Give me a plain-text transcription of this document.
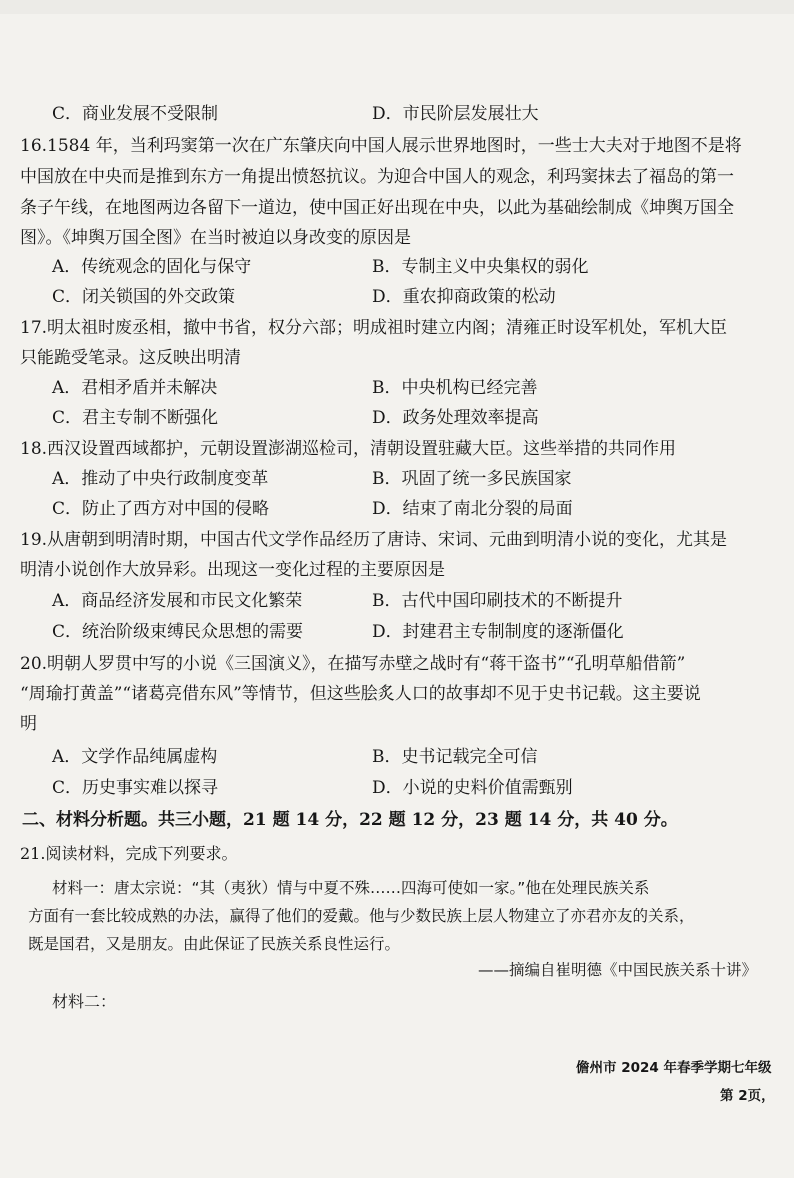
C．商业发展不受限制	D．市民阶层发展壮大
16.1584 年，当利玛窦第一次在广东肇庆向中国人展示世界地图时，一些士大夫对于地图不是将
中国放在中央而是推到东方一角提出愤怒抗议。为迎合中国人的观念，利玛窦抹去了福岛的第一
条子午线，在地图两边各留下一道边，使中国正好出现在中央，以此为基础绘制成《坤舆万国全
图》。《坤舆万国全图》在当时被迫以身改变的原因是
A．传统观念的固化与保守	B．专制主义中央集权的弱化
C．闭关锁国的外交政策	D．重农抑商政策的松动
17.明太祖时废丞相，撤中书省，权分六部；明成祖时建立内阁；清雍正时设军机处，军机大臣
只能跪受笔录。这反映出明清
A．君相矛盾并未解决	B．中央机构已经完善
C．君主专制不断强化	D．政务处理效率提高
18.西汉设置西域都护，元朝设置澎湖巡检司，清朝设置驻藏大臣。这些举措的共同作用
A．推动了中央行政制度变革	B．巩固了统一多民族国家
C．防止了西方对中国的侵略	D．结束了南北分裂的局面
19.从唐朝到明清时期，中国古代文学作品经历了唐诗、宋词、元曲到明清小说的变化，尤其是
明清小说创作大放异彩。出现这一变化过程的主要原因是
A．商品经济发展和市民文化繁荣	B．古代中国印刷技术的不断提升
C．统治阶级束缚民众思想的需要	D．封建君主专制制度的逐渐僵化
20.明朝人罗贯中写的小说《三国演义》，在描写赤壁之战时有“蒋干盗书”“孔明草船借箭”
“周瑜打黄盖”“诸葛亮借东风”等情节，但这些脍炙人口的故事却不见于史书记载。这主要说
明
A．文学作品纯属虚构	B．史书记载完全可信
C．历史事实难以探寻	D．小说的史料价值需甄别
二、材料分析题。共三小题，21 题 14 分，22 题 12 分，23 题 14 分，共 40 分。
21.阅读材料，完成下列要求。
材料一：唐太宗说：“其（夷狄）情与中夏不殊……四海可使如一家。”他在处理民族关系
方面有一套比较成熟的办法，赢得了他们的爱戴。他与少数民族上层人物建立了亦君亦友的关系，
既是国君，又是朋友。由此保证了民族关系良性运行。
——摘编自崔明德《中国民族关系十讲》
材料二：
儋州市 2024 年春季学期七年级
第 2页，
